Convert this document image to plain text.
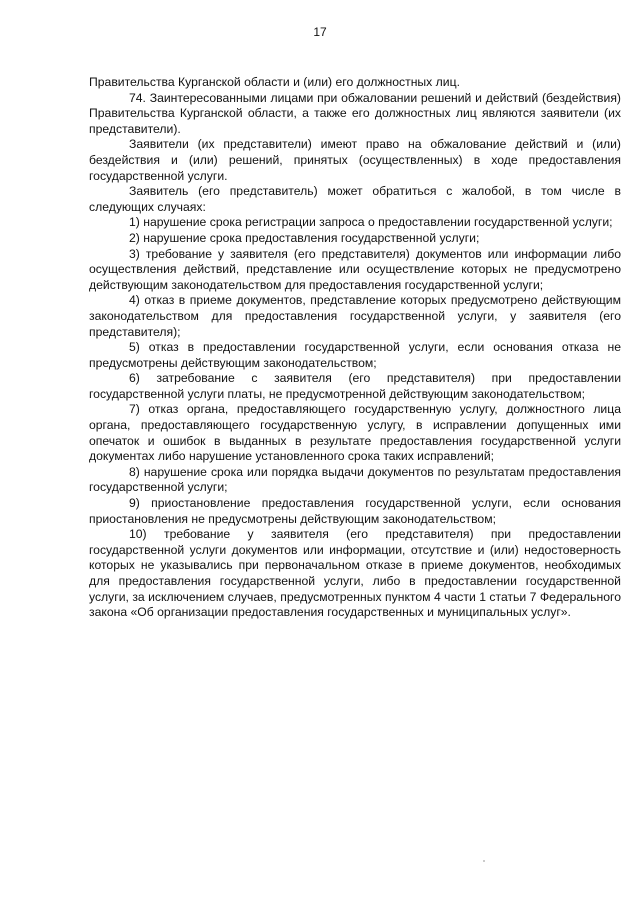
17

Правительства Курганской области и (или) его должностных лиц.

74. Заинтересованными лицами при обжаловании решений и действий (бездействия) Правительства Курганской области, а также его должностных лиц являются заявители (их представители).

Заявители (их представители) имеют право на обжалование действий и (или) бездействия и (или) решений, принятых (осуществленных) в ходе предоставления государственной услуги.

Заявитель (его представитель) может обратиться с жалобой, в том числе в следующих случаях:

1) нарушение срока регистрации запроса о предоставлении государственной услуги;

2) нарушение срока предоставления государственной услуги;

3) требование у заявителя (его представителя) документов или информации либо осуществления действий, представление или осуществление которых не предусмотрено действующим законодательством для предоставления государственной услуги;

4) отказ в приеме документов, представление которых предусмотрено действующим законодательством для предоставления государственной услуги, у заявителя (его представителя);

5) отказ в предоставлении государственной услуги, если основания отказа не предусмотрены действующим законодательством;

6) затребование с заявителя (его представителя) при предоставлении государственной услуги платы, не предусмотренной действующим законодательством;

7) отказ органа, предоставляющего государственную услугу, должностного лица органа, предоставляющего государственную услугу, в исправлении допущенных ими опечаток и ошибок в выданных в результате предоставления государственной услуги документах либо нарушение установленного срока таких исправлений;

8) нарушение срока или порядка выдачи документов по результатам предоставления государственной услуги;

9) приостановление предоставления государственной услуги, если основания приостановления не предусмотрены действующим законодательством;

10) требование у заявителя (его представителя) при предоставлении государственной услуги документов или информации, отсутствие и (или) недостоверность которых не указывались при первоначальном отказе в приеме документов, необходимых для предоставления государственной услуги, либо в предоставлении государственной услуги, за исключением случаев, предусмотренных пунктом 4 части 1 статьи 7 Федерального закона «Об организации предоставления государственных и муниципальных услуг».
